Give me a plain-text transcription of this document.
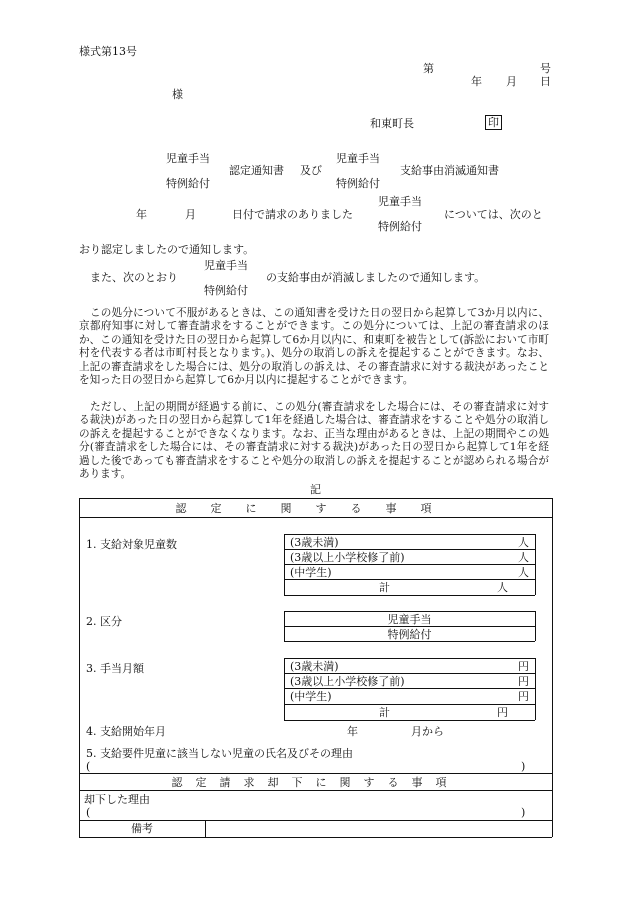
様式第13号
第	号
年 月 日
様
和東町長	印
児童手当
特例給付
認定通知書 及び
児童手当
特例給付
支給事由消滅通知書
年	月	日付で請求のありました
児童手当
特例給付
については、次のと
おり認定しましたので通知します。
児童手当
また、次のとおり
特例給付
の支給事由が消滅しましたので通知します。
この処分について不服があるときは、この通知書を受けた日の翌日から起算して3か月以内に、京都府知事に対して審査請求をすることができます。この処分については、上記の審査請求のほか、この通知を受けた日の翌日から起算して6か月以内に、和東町を被告として(訴訟において市町村を代表する者は市町村長となります。)、処分の取消しの訴えを提起することができます。なお、上記の審査請求をした場合には、処分の取消しの訴えは、その審査請求に対する裁決があったことを知った日の翌日から起算して6か月以内に提起することができます。
ただし、上記の期間が経過する前に、この処分(審査請求をした場合には、その審査請求に対する裁決)があった日の翌日から起算して1年を経過した場合は、審査請求をすることや処分の取消しの訴えを提起することができなくなります。なお、正当な理由があるときは、上記の期間やこの処分(審査請求をした場合には、その審査請求に対する裁決)があった日の翌日から起算して1年を経過した後であっても審査請求をすることや処分の取消しの訴えを提起することが認められる場合があります。
記
認定に関する事項
1. 支給対象児童数	(3歳未満)	人
(3歳以上小学校修了前)	人
(中学生)	人
計	人
2. 区分	児童手当
特例給付
3. 手当月額	(3歳未満)	円
(3歳以上小学校修了前)	円
(中学生)	円
計	円
4. 支給開始年月	年	月から
5. 支給要件児童に該当しない児童の氏名及びその理由
(	)
認定請求却下に関する事項
却下した理由
(	)
備考
